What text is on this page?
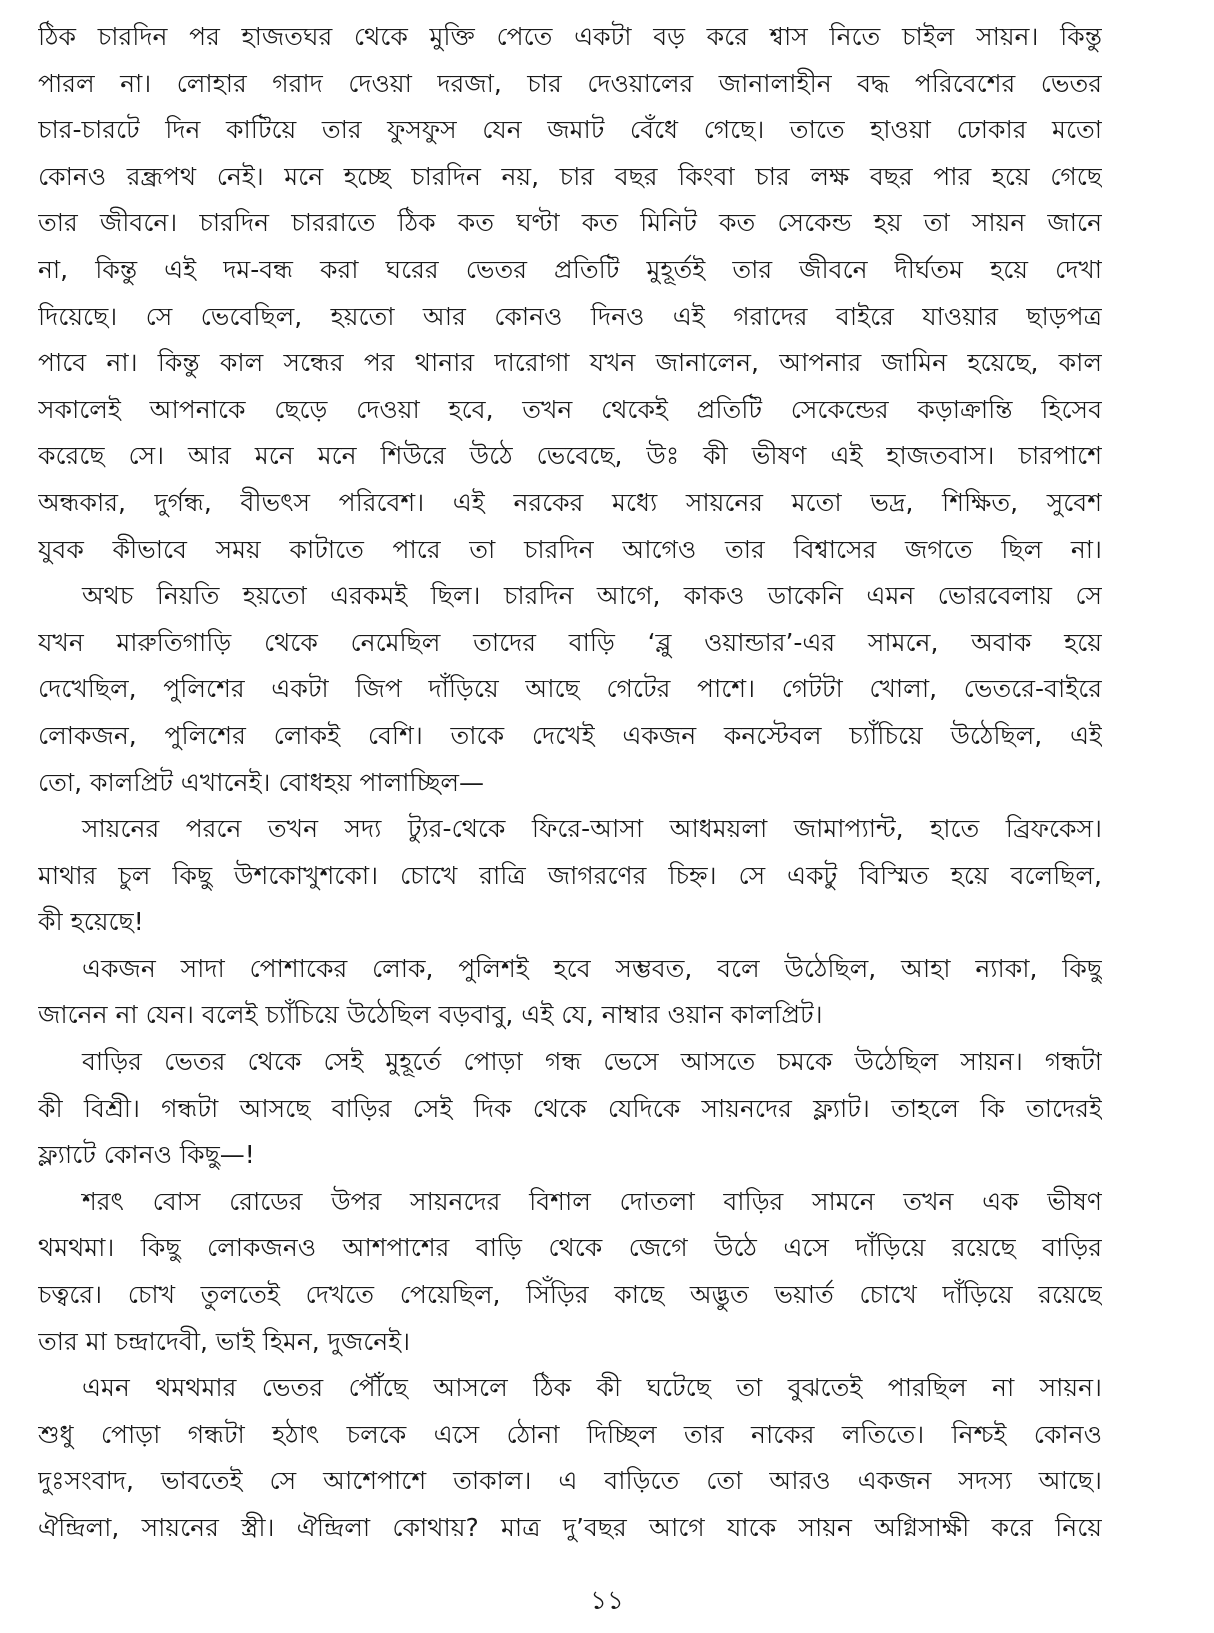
ঠিক চারদিন পর হাজতঘর থেকে মুক্তি পেতে একটা বড় করে শ্বাস নিতে চাইল সায়ন। কিন্তু
পারল না। লোহার গরাদ দেওয়া দরজা, চার দেওয়ালের জানালাহীন বদ্ধ পরিবেশের ভেতর
চার-চারটে দিন কাটিয়ে তার ফুসফুস যেন জমাট বেঁধে গেছে। তাতে হাওয়া ঢোকার মতো
কোনও রন্ধ্রপথ নেই। মনে হচ্ছে চারদিন নয়, চার বছর কিংবা চার লক্ষ বছর পার হয়ে গেছে
তার জীবনে। চারদিন চাররাতে ঠিক কত ঘণ্টা কত মিনিট কত সেকেন্ড হয় তা সায়ন জানে
না, কিন্তু এই দম-বন্ধ করা ঘরের ভেতর প্রতিটি মুহূর্তই তার জীবনে দীর্ঘতম হয়ে দেখা
দিয়েছে। সে ভেবেছিল, হয়তো আর কোনও দিনও এই গরাদের বাইরে যাওয়ার ছাড়পত্র
পাবে না। কিন্তু কাল সন্ধের পর থানার দারোগা যখন জানালেন, আপনার জামিন হয়েছে, কাল
সকালেই আপনাকে ছেড়ে দেওয়া হবে, তখন থেকেই প্রতিটি সেকেন্ডের কড়াক্রান্তি হিসেব
করেছে সে। আর মনে মনে শিউরে উঠে ভেবেছে, উঃ কী ভীষণ এই হাজতবাস। চারপাশে
অন্ধকার, দুর্গন্ধ, বীভৎস পরিবেশ। এই নরকের মধ্যে সায়নের মতো ভদ্র, শিক্ষিত, সুবেশ
যুবক কীভাবে সময় কাটাতে পারে তা চারদিন আগেও তার বিশ্বাসের জগতে ছিল না।
অথচ নিয়তি হয়তো এরকমই ছিল। চারদিন আগে, কাকও ডাকেনি এমন ভোরবেলায় সে
যখন মারুতিগাড়ি থেকে নেমেছিল তাদের বাড়ি ‘ব্লু ওয়ান্ডার’-এর সামনে, অবাক হয়ে
দেখেছিল, পুলিশের একটা জিপ দাঁড়িয়ে আছে গেটের পাশে। গেটটা খোলা, ভেতরে-বাইরে
লোকজন, পুলিশের লোকই বেশি। তাকে দেখেই একজন কনস্টেবল চ্যাঁচিয়ে উঠেছিল, এই
তো, কালপ্রিট এখানেই। বোধহয় পালাচ্ছিল—
সায়নের পরনে তখন সদ্য ট্যুর-থেকে ফিরে-আসা আধময়লা জামাপ্যান্ট, হাতে ব্রিফকেস।
মাথার চুল কিছু উশকোখুশকো। চোখে রাত্রি জাগরণের চিহ্ন। সে একটু বিস্মিত হয়ে বলেছিল,
কী হয়েছে!
একজন সাদা পোশাকের লোক, পুলিশই হবে সম্ভবত, বলে উঠেছিল, আহা ন্যাকা, কিছু
জানেন না যেন। বলেই চ্যাঁচিয়ে উঠেছিল বড়বাবু, এই যে, নাম্বার ওয়ান কালপ্রিট।
বাড়ির ভেতর থেকে সেই মুহূর্তে পোড়া গন্ধ ভেসে আসতে চমকে উঠেছিল সায়ন। গন্ধটা
কী বিশ্রী। গন্ধটা আসছে বাড়ির সেই দিক থেকে যেদিকে সায়নদের ফ্ল্যাট। তাহলে কি তাদেরই
ফ্ল্যাটে কোনও কিছু—!
শরৎ বোস রোডের উপর সায়নদের বিশাল দোতলা বাড়ির সামনে তখন এক ভীষণ
থমথমা। কিছু লোকজনও আশপাশের বাড়ি থেকে জেগে উঠে এসে দাঁড়িয়ে রয়েছে বাড়ির
চত্বরে। চোখ তুলতেই দেখতে পেয়েছিল, সিঁড়ির কাছে অদ্ভুত ভয়ার্ত চোখে দাঁড়িয়ে রয়েছে
তার মা চন্দ্রাদেবী, ভাই হিমন, দুজনেই।
এমন থমথমার ভেতর পৌঁছে আসলে ঠিক কী ঘটেছে তা বুঝতেই পারছিল না সায়ন।
শুধু পোড়া গন্ধটা হঠাৎ চলকে এসে ঠোনা দিচ্ছিল তার নাকের লতিতে। নিশ্চই কোনও
দুঃসংবাদ, ভাবতেই সে আশেপাশে তাকাল। এ বাড়িতে তো আরও একজন সদস্য আছে।
ঐন্দ্রিলা, সায়নের স্ত্রী। ঐন্দ্রিলা কোথায়? মাত্র দু’বছর আগে যাকে সায়ন অগ্নিসাক্ষী করে নিয়ে
১১
